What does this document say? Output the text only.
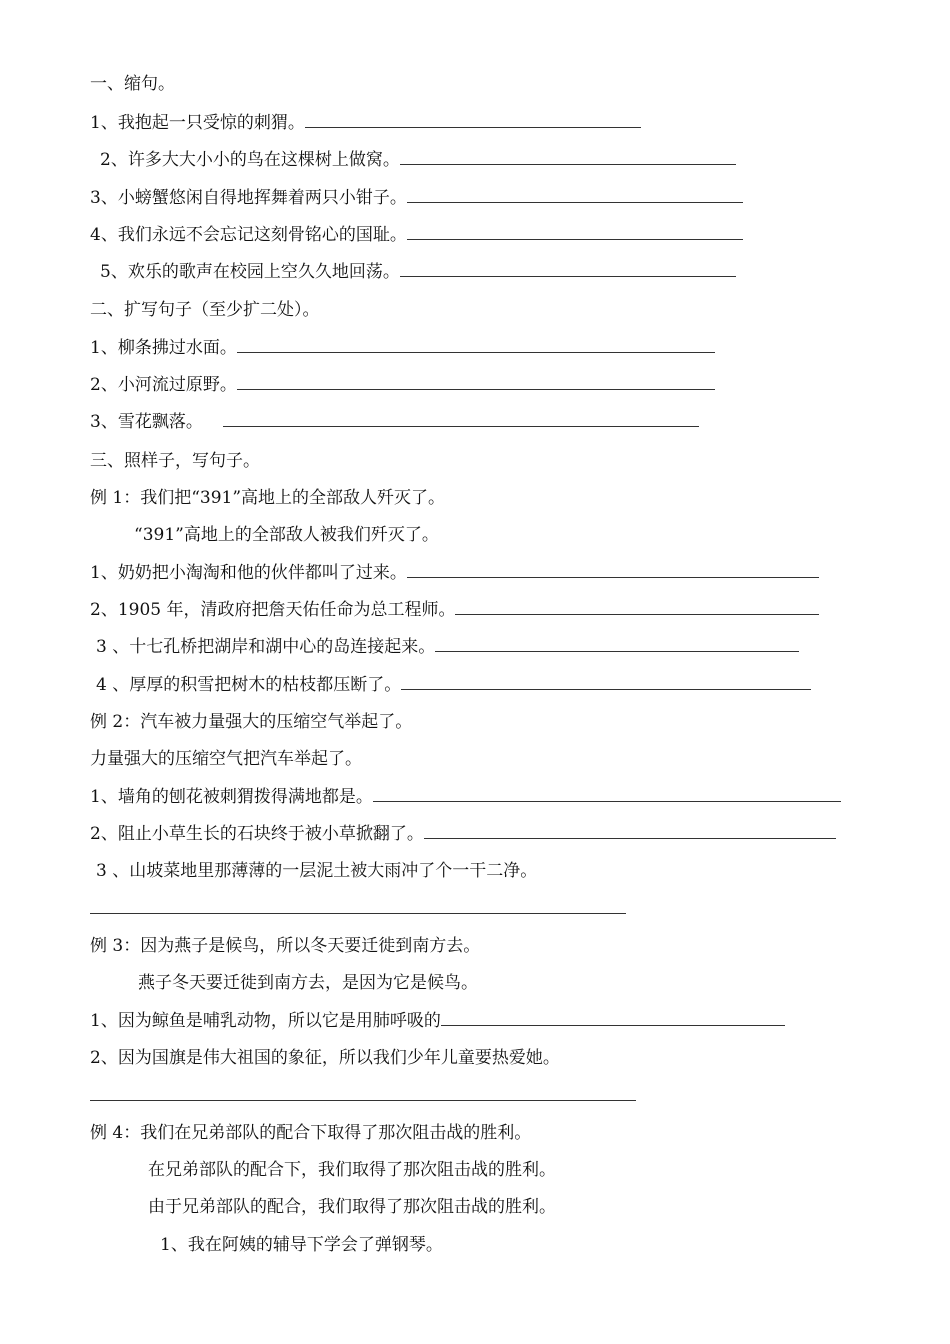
一、缩句。
1、我抱起一只受惊的刺猬。
2、许多大大小小的鸟在这棵树上做窝。
3、小螃蟹悠闲自得地挥舞着两只小钳子。
4、我们永远不会忘记这刻骨铭心的国耻。
5、欢乐的歌声在校园上空久久地回荡。
二、扩写句子（至少扩二处）。
1、柳条拂过水面。
2、小河流过原野。
3、雪花飘落。
三、照样子，写句子。
例 1：我们把“391”高地上的全部敌人歼灭了。
“391”高地上的全部敌人被我们歼灭了。
1、奶奶把小淘淘和他的伙伴都叫了过来。
2、1905 年，清政府把詹天佑任命为总工程师。
3 、十七孔桥把湖岸和湖中心的岛连接起来。
4 、厚厚的积雪把树木的枯枝都压断了。
例 2：汽车被力量强大的压缩空气举起了。
力量强大的压缩空气把汽车举起了。
1、墙角的刨花被刺猬拨得满地都是。
2、阻止小草生长的石块终于被小草掀翻了。
3 、山坡菜地里那薄薄的一层泥土被大雨冲了个一干二净。
例 3：因为燕子是候鸟，所以冬天要迁徙到南方去。
燕子冬天要迁徙到南方去，是因为它是候鸟。
1、因为鲸鱼是哺乳动物，所以它是用肺呼吸的
2、因为国旗是伟大祖国的象征，所以我们少年儿童要热爱她。
例 4：我们在兄弟部队的配合下取得了那次阻击战的胜利。
在兄弟部队的配合下，我们取得了那次阻击战的胜利。
由于兄弟部队的配合，我们取得了那次阻击战的胜利。
1、我在阿姨的辅导下学会了弹钢琴。
